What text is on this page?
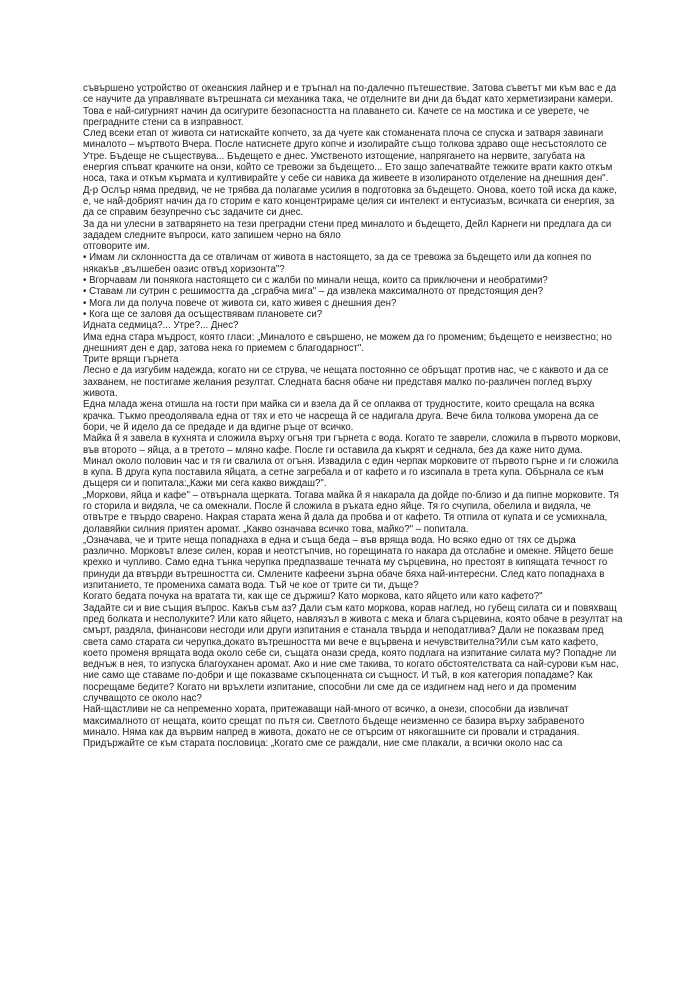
съвършено устройство от океанския лайнер и е тръгнал на по-далечно пътешествие. Затова съветът ми към вас е да се научите да управлявате вътрешната си механика така, че отделните ви дни да бъдат като херметизирани камери. Това е най-сигурният начин да осигурите безопасността на плаването си. Качете се на мостика и се уверете, че преградните стени са в изправност.

След всеки етап от живота си натискайте копчето, за да чуете как стоманената плоча се спуска и затваря завинаги миналото – мъртвото Вчера. После натиснете друго копче и изолирайте също толкова здраво още несъстоялото се Утре. Бъдеще не съществува... Бъдещето е днес. Умственото изтощение, напрягането на нервите, загубата на енергия спъват крачките на онзи, който се тревожи за бъдещето... Ето защо запечатвайте тежките врати както откъм носа, така и откъм кърмата и култивирайте у себе си навика да живеете в изолираното отделение на днешния ден".

Д-р Ослър няма предвид, че не трябва да полагаме усилия в подготовка за бъдещето. Онова, което той иска да каже, е, че най-добрият начин да го сторим е като концентрираме целия си интелект и ентусиазъм, всичката си енергия, за да се справим безупречно със задачите си днес.

За да ни улесни в затварянето на тези преградни стени пред миналото и бъдещето, Дейл Карнеги ни предлага да си зададем следните въпроси, като запишем черно на бяло

отговорите им.

• Имам ли склонността да се отвличам от живота в настоящето, за да се тревожа за бъдещето или да копнея по някакъв „вълшебен оазис отвъд хоризонта"?

• Вгорчавам ли понякога настоящето си с жалби по минали неща, които са приключени и необратими?

• Ставам ли сутрин с решимостта да „сграбча мига" – да извлека максималното от предстоящия ден?

• Мога ли да получа повече от живота си, като живея с днешния ден?

• Кога ще се заловя да осъществявам плановете си?

Идната седмица?... Утре?... Днес?

Има една стара мъдрост, която гласи: „Миналото е свършено, не можем да го променим; бъдещето е неизвестно; но днешният ден е дар, затова нека го приемем с благодарност".

Трите врящи гърнета

Лесно е да изгубим надежда, когато ни се струва, че нещата постоянно се обръщат против нас, че с каквото и да се захванем, не постигаме желания резултат. Следната басня обаче ни представя малко по-различен поглед върху живота.

Една млада жена отишла на гости при майка си и взела да й се оплаква от трудностите, които срещала на всяка крачка. Тъкмо преодолявала една от тях и ето че насреща й се надигала друга. Вече била толкова уморена да се бори, че й идело да се предаде и да вдигне ръце от всичко.

Майка й я завела в кухнята и сложила върху огъня три гърнета с вода. Когато те заврели, сложила в първото моркови, във второто – яйца, а в третото – мляно кафе. После ги оставила да къкрят и седнала, без да каже нито дума.

Минал около половин час и тя ги свалила от огъня. Извадила с един черпак морковите от първото гърне и ги сложила в купа. В друга купа поставила яйцата, а сетне загребала и от кафето и го изсипала в трета купа. Обърнала се към дъщеря си и попитала:„Кажи ми сега какво виждаш?".

„Моркови, яйца и кафе" – отвърнала щерката. Тогава майка й я накарала да дойде по-близо и да пипне морковите. Тя го сторила и видяла, че са омекнали. После й сложила в ръката едно яйце. Тя го счупила, обелила и видяла, че отвътре е твърдо сварено. Накрая старата жена й дала да пробва и от кафето. Тя отпила от купата и се усмихнала, долавяйки силния приятен аромат. „Какво означава всичко това, майко?" – попитала.

„Означава, че и трите неща попаднаха в една и съща беда – във вряща вода. Но всяко едно от тях се държа различно. Морковът влезе силен, корав и неотстъпчив, но горещината го накара да отслабне и омекне. Яйцето беше крехко и чупливо. Само една тънка черупка предпазваше течната му сърцевина, но престоят в кипящата течност го принуди да втвърди вътрешността си. Смлените кафеени зърна обаче бяха най-интересни. След като попаднаха в изпитанието, те промениха самата вода. Тъй че кое от трите си ти, дъще?

Когато бедата почука на вратата ти, как ще се държиш? Като моркова, като яйцето или като кафето?"

Задайте си и вие същия въпрос. Какъв съм аз? Дали съм като моркова, корав наглед, но губещ силата си и повяхващ пред болката и несполуките? Или като яйцето, навлязъл в живота с мека и блага сърцевина, която обаче в резултат на смърт, раздяла, финансови несгоди или други изпитания е станала твърда и неподатлива? Дали не показвам пред света само старата си черупка,докато вътрешността ми вече е вцървена и нечувствителна?Или съм като кафето, което променя врящата вода около себе си, същата онази среда, която подлага на изпитание силата му? Попадне ли веднъж в нея, то изпуска благоуханен аромат. Ако и ние сме такива, то когато обстоятелствата са най-сурови към нас, ние само ще ставаме по-добри и ще показваме скъпоценната си същност. И тъй, в коя категория попадаме? Как посрещаме бедите? Когато ни връхлети изпитание, способни ли сме да се издигнем над него и да променим случващото се около нас?

Най-щастливи не са непременно хората, притежаващи най-много от всичко, а онези, способни да извличат максималното от нещата, които срещат по пътя си. Светлото бъдеще неизменно се базира върху забравеното минало. Няма как да вървим напред в живота, докато не се отърсим от някогашните си провали и страдания.

Придържайте се към старата пословица: „Когато сме се раждали, ние сме плакали, а всички около нас са
